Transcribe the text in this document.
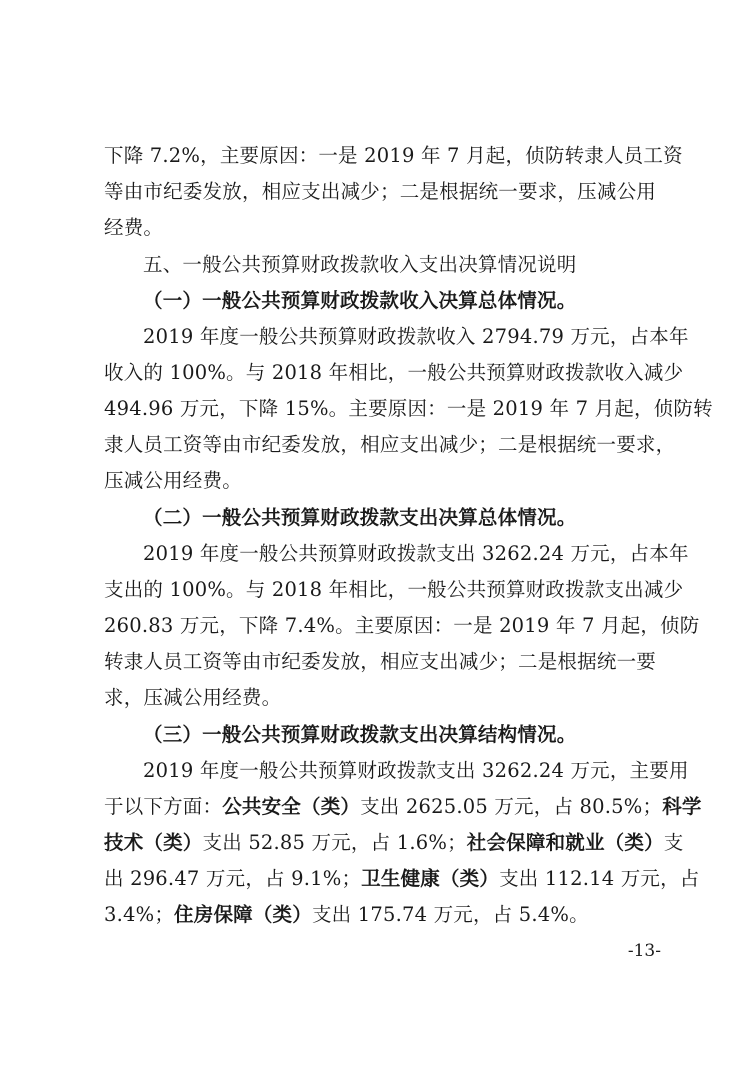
下降 7.2%，主要原因：一是 2019 年 7 月起，侦防转隶人员工资
等由市纪委发放，相应支出减少；二是根据统一要求，压减公用
经费。
五、一般公共预算财政拨款收入支出决算情况说明
（一）一般公共预算财政拨款收入决算总体情况。
2019 年度一般公共预算财政拨款收入 2794.79 万元，占本年
收入的 100%。与 2018 年相比，一般公共预算财政拨款收入减少
494.96 万元，下降 15%。主要原因：一是 2019 年 7 月起，侦防转
隶人员工资等由市纪委发放，相应支出减少；二是根据统一要求，
压减公用经费。
（二）一般公共预算财政拨款支出决算总体情况。
2019 年度一般公共预算财政拨款支出 3262.24 万元，占本年
支出的 100%。与 2018 年相比，一般公共预算财政拨款支出减少
260.83 万元，下降 7.4%。主要原因：一是 2019 年 7 月起，侦防
转隶人员工资等由市纪委发放，相应支出减少；二是根据统一要
求，压减公用经费。
（三）一般公共预算财政拨款支出决算结构情况。
2019 年度一般公共预算财政拨款支出 3262.24 万元，主要用
于以下方面：公共安全（类）支出 2625.05 万元，占 80.5%；科学
技术（类）支出 52.85 万元，占 1.6%；社会保障和就业（类）支
出 296.47 万元，占 9.1%；卫生健康（类）支出 112.14 万元，占
3.4%；住房保障（类）支出 175.74 万元，占 5.4%。
-13-
